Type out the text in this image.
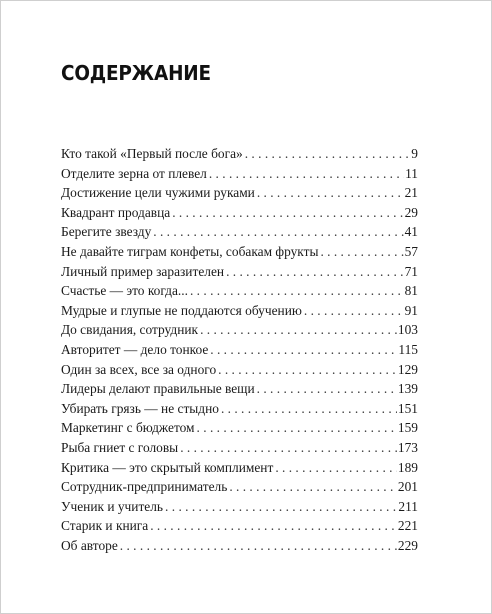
СОДЕРЖАНИЕ
Кто такой «Первый после бога» . . .	9
Отделите зерна от плевел . . .	11
Достижение цели чужими руками . . .	21
Квадрант продавца . . .	29
Берегите звезду . . .	41
Не давайте тиграм конфеты, собакам фрукты . . .	57
Личный пример заразителен . . .	71
Счастье — это когда... . . .	81
Мудрые и глупые не поддаются обучению . . .	91
До свидания, сотрудник . . .	103
Авторитет — дело тонкое . . .	115
Один за всех, все за одного . . .	129
Лидеры делают правильные вещи . . .	139
Убирать грязь — не стыдно . . .	151
Маркетинг с бюджетом . . .	159
Рыба гниет с головы . . .	173
Критика — это скрытый комплимент . . .	189
Сотрудник-предприниматель . . .	201
Ученик и учитель . . .	211
Старик и книга . . .	221
Об авторе . . .	229
